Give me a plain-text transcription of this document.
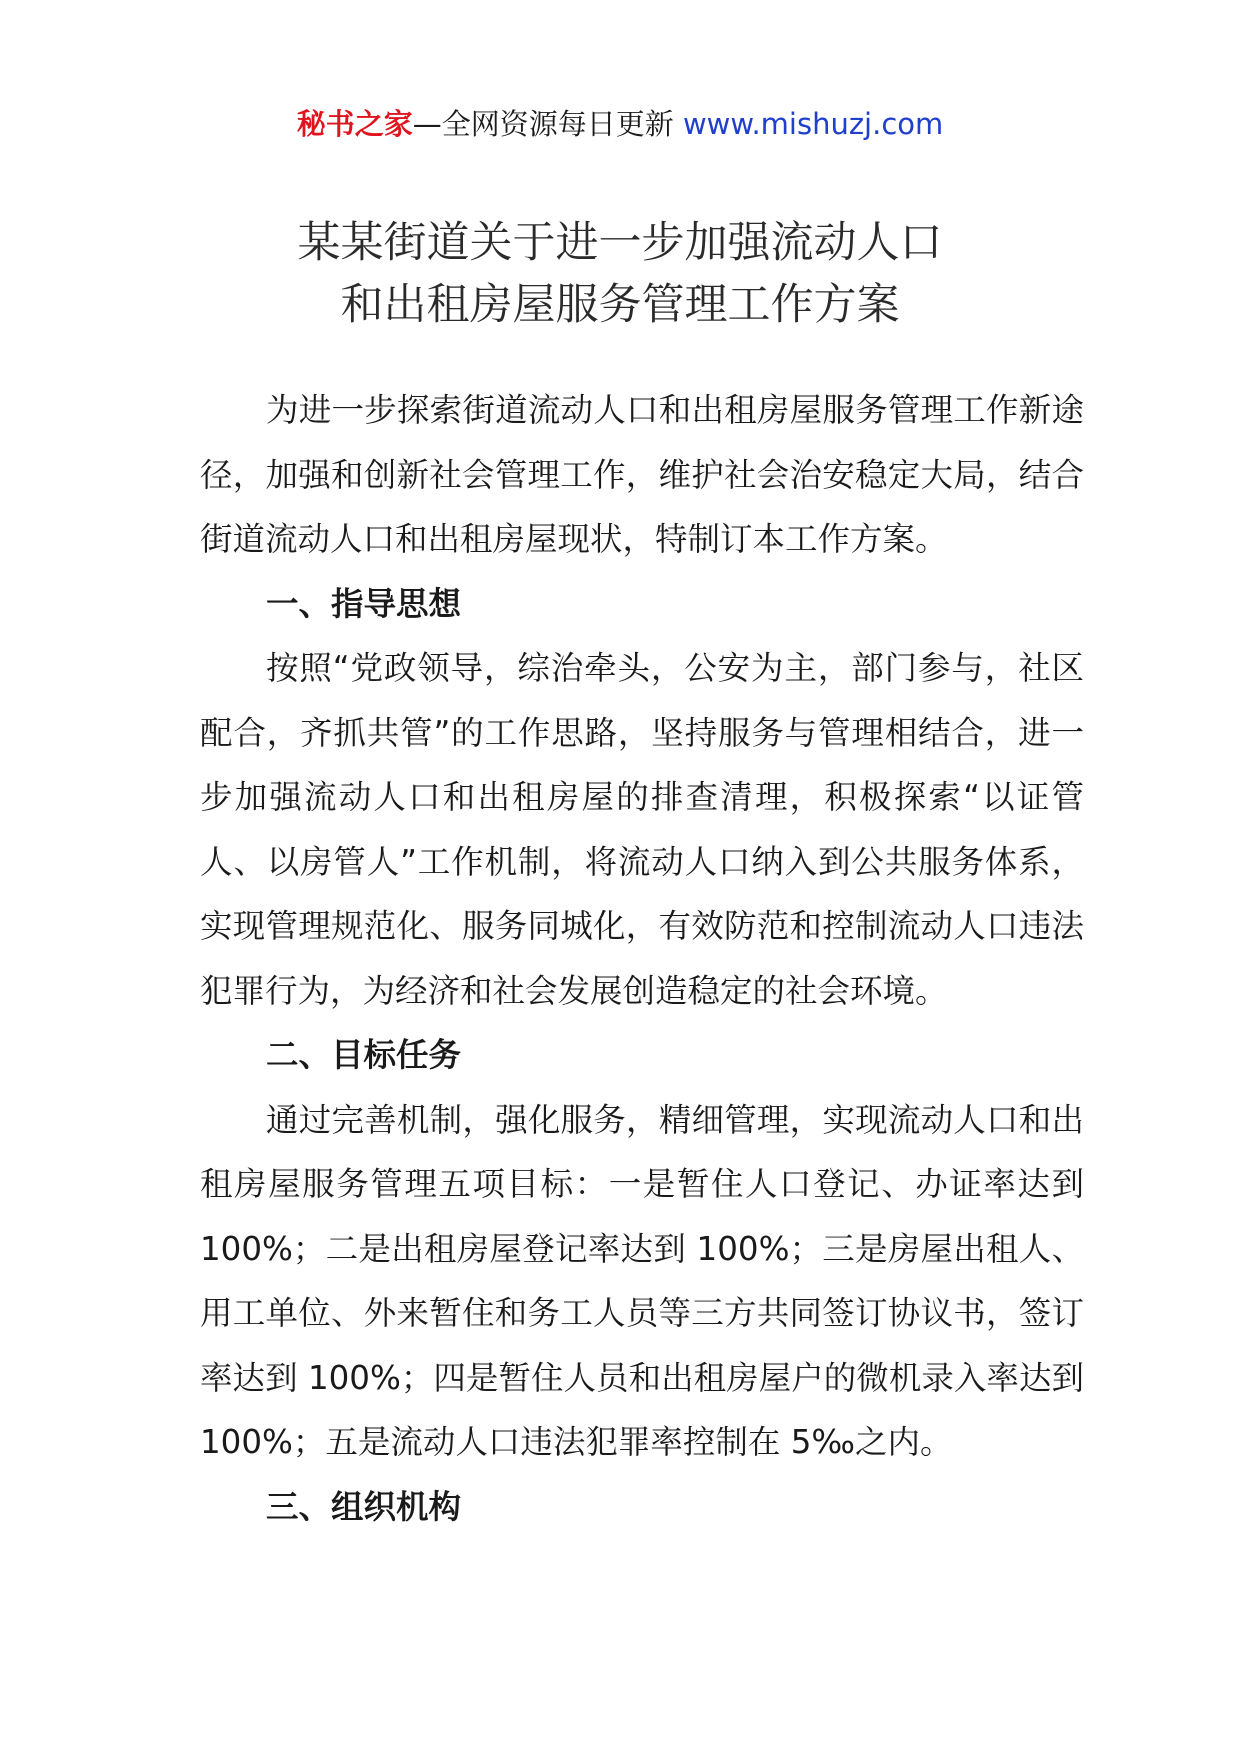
秘书之家—全网资源每日更新 www.mishuzj.com
某某街道关于进一步加强流动人口
和出租房屋服务管理工作方案

为进一步探索街道流动人口和出租房屋服务管理工作新途径，加强和创新社会管理工作，维护社会治安稳定大局，结合街道流动人口和出租房屋现状，特制订本工作方案。

一、指导思想

按照“党政领导，综治牵头，公安为主，部门参与，社区配合，齐抓共管”的工作思路，坚持服务与管理相结合，进一步加强流动人口和出租房屋的排查清理，积极探索“以证管人、以房管人”工作机制，将流动人口纳入到公共服务体系，实现管理规范化、服务同城化，有效防范和控制流动人口违法犯罪行为，为经济和社会发展创造稳定的社会环境。

二、目标任务

通过完善机制，强化服务，精细管理，实现流动人口和出租房屋服务管理五项目标：一是暂住人口登记、办证率达到 100%；二是出租房屋登记率达到 100%；三是房屋出租人、用工单位、外来暂住和务工人员等三方共同签订协议书，签订率达到 100%；四是暂住人员和出租房屋户的微机录入率达到 100%；五是流动人口违法犯罪率控制在 5‰之内。

三、组织机构
